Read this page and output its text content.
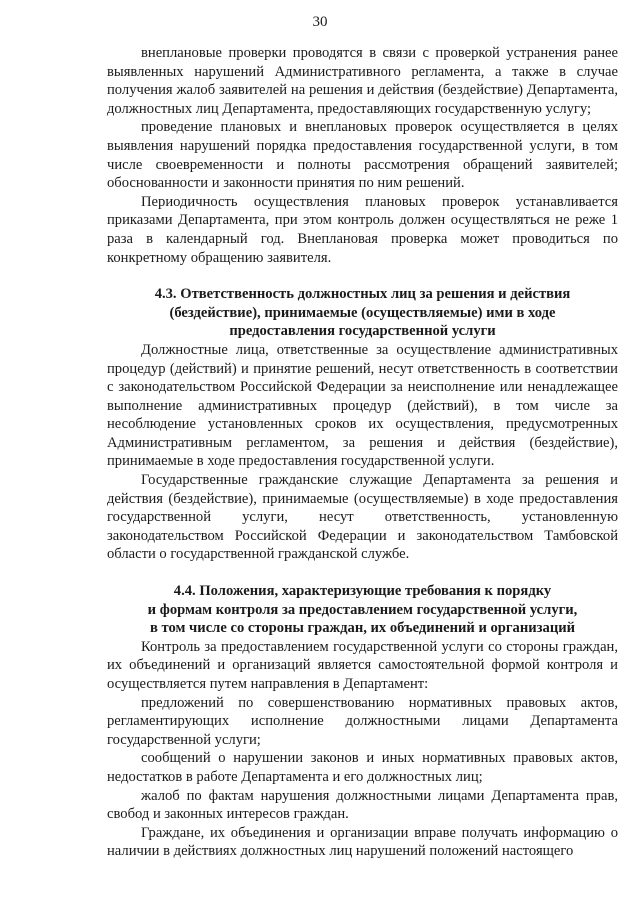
30

внеплановые проверки проводятся в связи с проверкой устранения ранее выявленных нарушений Административного регламента, а также в случае получения жалоб заявителей на решения и действия (бездействие) Департамента, должностных лиц Департамента, предоставляющих государственную услугу;

проведение плановых и внеплановых проверок осуществляется в целях выявления нарушений порядка предоставления государственной услуги, в том числе своевременности и полноты рассмотрения обращений заявителей; обоснованности и законности принятия по ним решений.

Периодичность осуществления плановых проверок устанавливается приказами Департамента, при этом контроль должен осуществляться не реже 1 раза в календарный год. Внеплановая проверка может проводиться по конкретному обращению заявителя.

4.3. Ответственность должностных лиц за решения и действия
(бездействие), принимаемые (осуществляемые) ими в ходе
предоставления государственной услуги

Должностные лица, ответственные за осуществление административных процедур (действий) и принятие решений, несут ответственность в соответствии с законодательством Российской Федерации за неисполнение или ненадлежащее выполнение административных процедур (действий), в том числе за несоблюдение установленных сроков их осуществления, предусмотренных Административным регламентом, за решения и действия (бездействие), принимаемые в ходе предоставления государственной услуги.

Государственные гражданские служащие Департамента за решения и действия (бездействие), принимаемые (осуществляемые) в ходе предоставления государственной услуги, несут ответственность, установленную законодательством Российской Федерации и законодательством Тамбовской области о государственной гражданской службе.

4.4. Положения, характеризующие требования к порядку
и формам контроля за предоставлением государственной услуги,
в том числе со стороны граждан, их объединений и организаций

Контроль за предоставлением государственной услуги со стороны граждан, их объединений и организаций является самостоятельной формой контроля и осуществляется путем направления в Департамент:

предложений по совершенствованию нормативных правовых актов, регламентирующих исполнение должностными лицами Департамента государственной услуги;

сообщений о нарушении законов и иных нормативных правовых актов, недостатков в работе Департамента и его должностных лиц;

жалоб по фактам нарушения должностными лицами Департамента прав, свобод и законных интересов граждан.

Граждане, их объединения и организации вправе получать информацию о наличии в действиях должностных лиц нарушений положений настоящего
